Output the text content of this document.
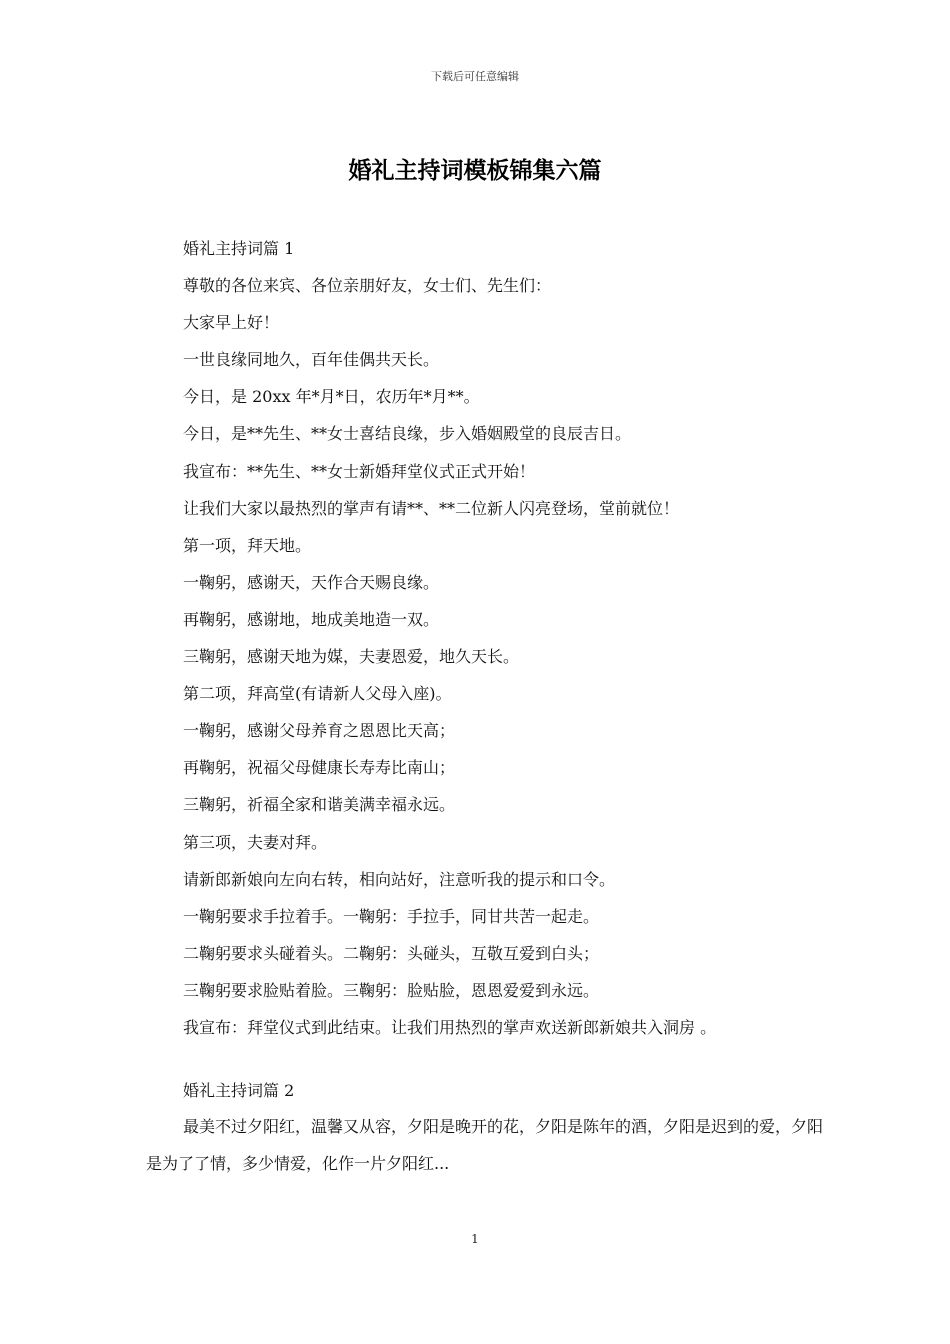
下载后可任意编辑
婚礼主持词模板锦集六篇
婚礼主持词篇 1
尊敬的各位来宾、各位亲朋好友，女士们、先生们：
大家早上好！
一世良缘同地久，百年佳偶共天长。
今日，是 20xx 年*月*日，农历年*月**。
今日，是**先生、**女士喜结良缘，步入婚姻殿堂的良辰吉日。
我宣布：**先生、**女士新婚拜堂仪式正式开始！
让我们大家以最热烈的掌声有请**、**二位新人闪亮登场，堂前就位！
第一项，拜天地。
一鞠躬，感谢天，天作合天赐良缘。
再鞠躬，感谢地，地成美地造一双。
三鞠躬，感谢天地为媒，夫妻恩爱，地久天长。
第二项，拜高堂(有请新人父母入座)。
一鞠躬，感谢父母养育之恩恩比天高；
再鞠躬，祝福父母健康长寿寿比南山；
三鞠躬，祈福全家和谐美满幸福永远。
第三项，夫妻对拜。
请新郎新娘向左向右转，相向站好，注意听我的提示和口令。
一鞠躬要求手拉着手。一鞠躬：手拉手，同甘共苦一起走。
二鞠躬要求头碰着头。二鞠躬：头碰头，互敬互爱到白头；
三鞠躬要求脸贴着脸。三鞠躬：脸贴脸，恩恩爱爱到永远。
我宣布：拜堂仪式到此结束。让我们用热烈的掌声欢送新郎新娘共入洞房 。
婚礼主持词篇 2
最美不过夕阳红，温馨又从容，夕阳是晚开的花，夕阳是陈年的酒，夕阳是迟到的爱，夕阳是为了了情，多少情爱，化作一片夕阳红...
1
